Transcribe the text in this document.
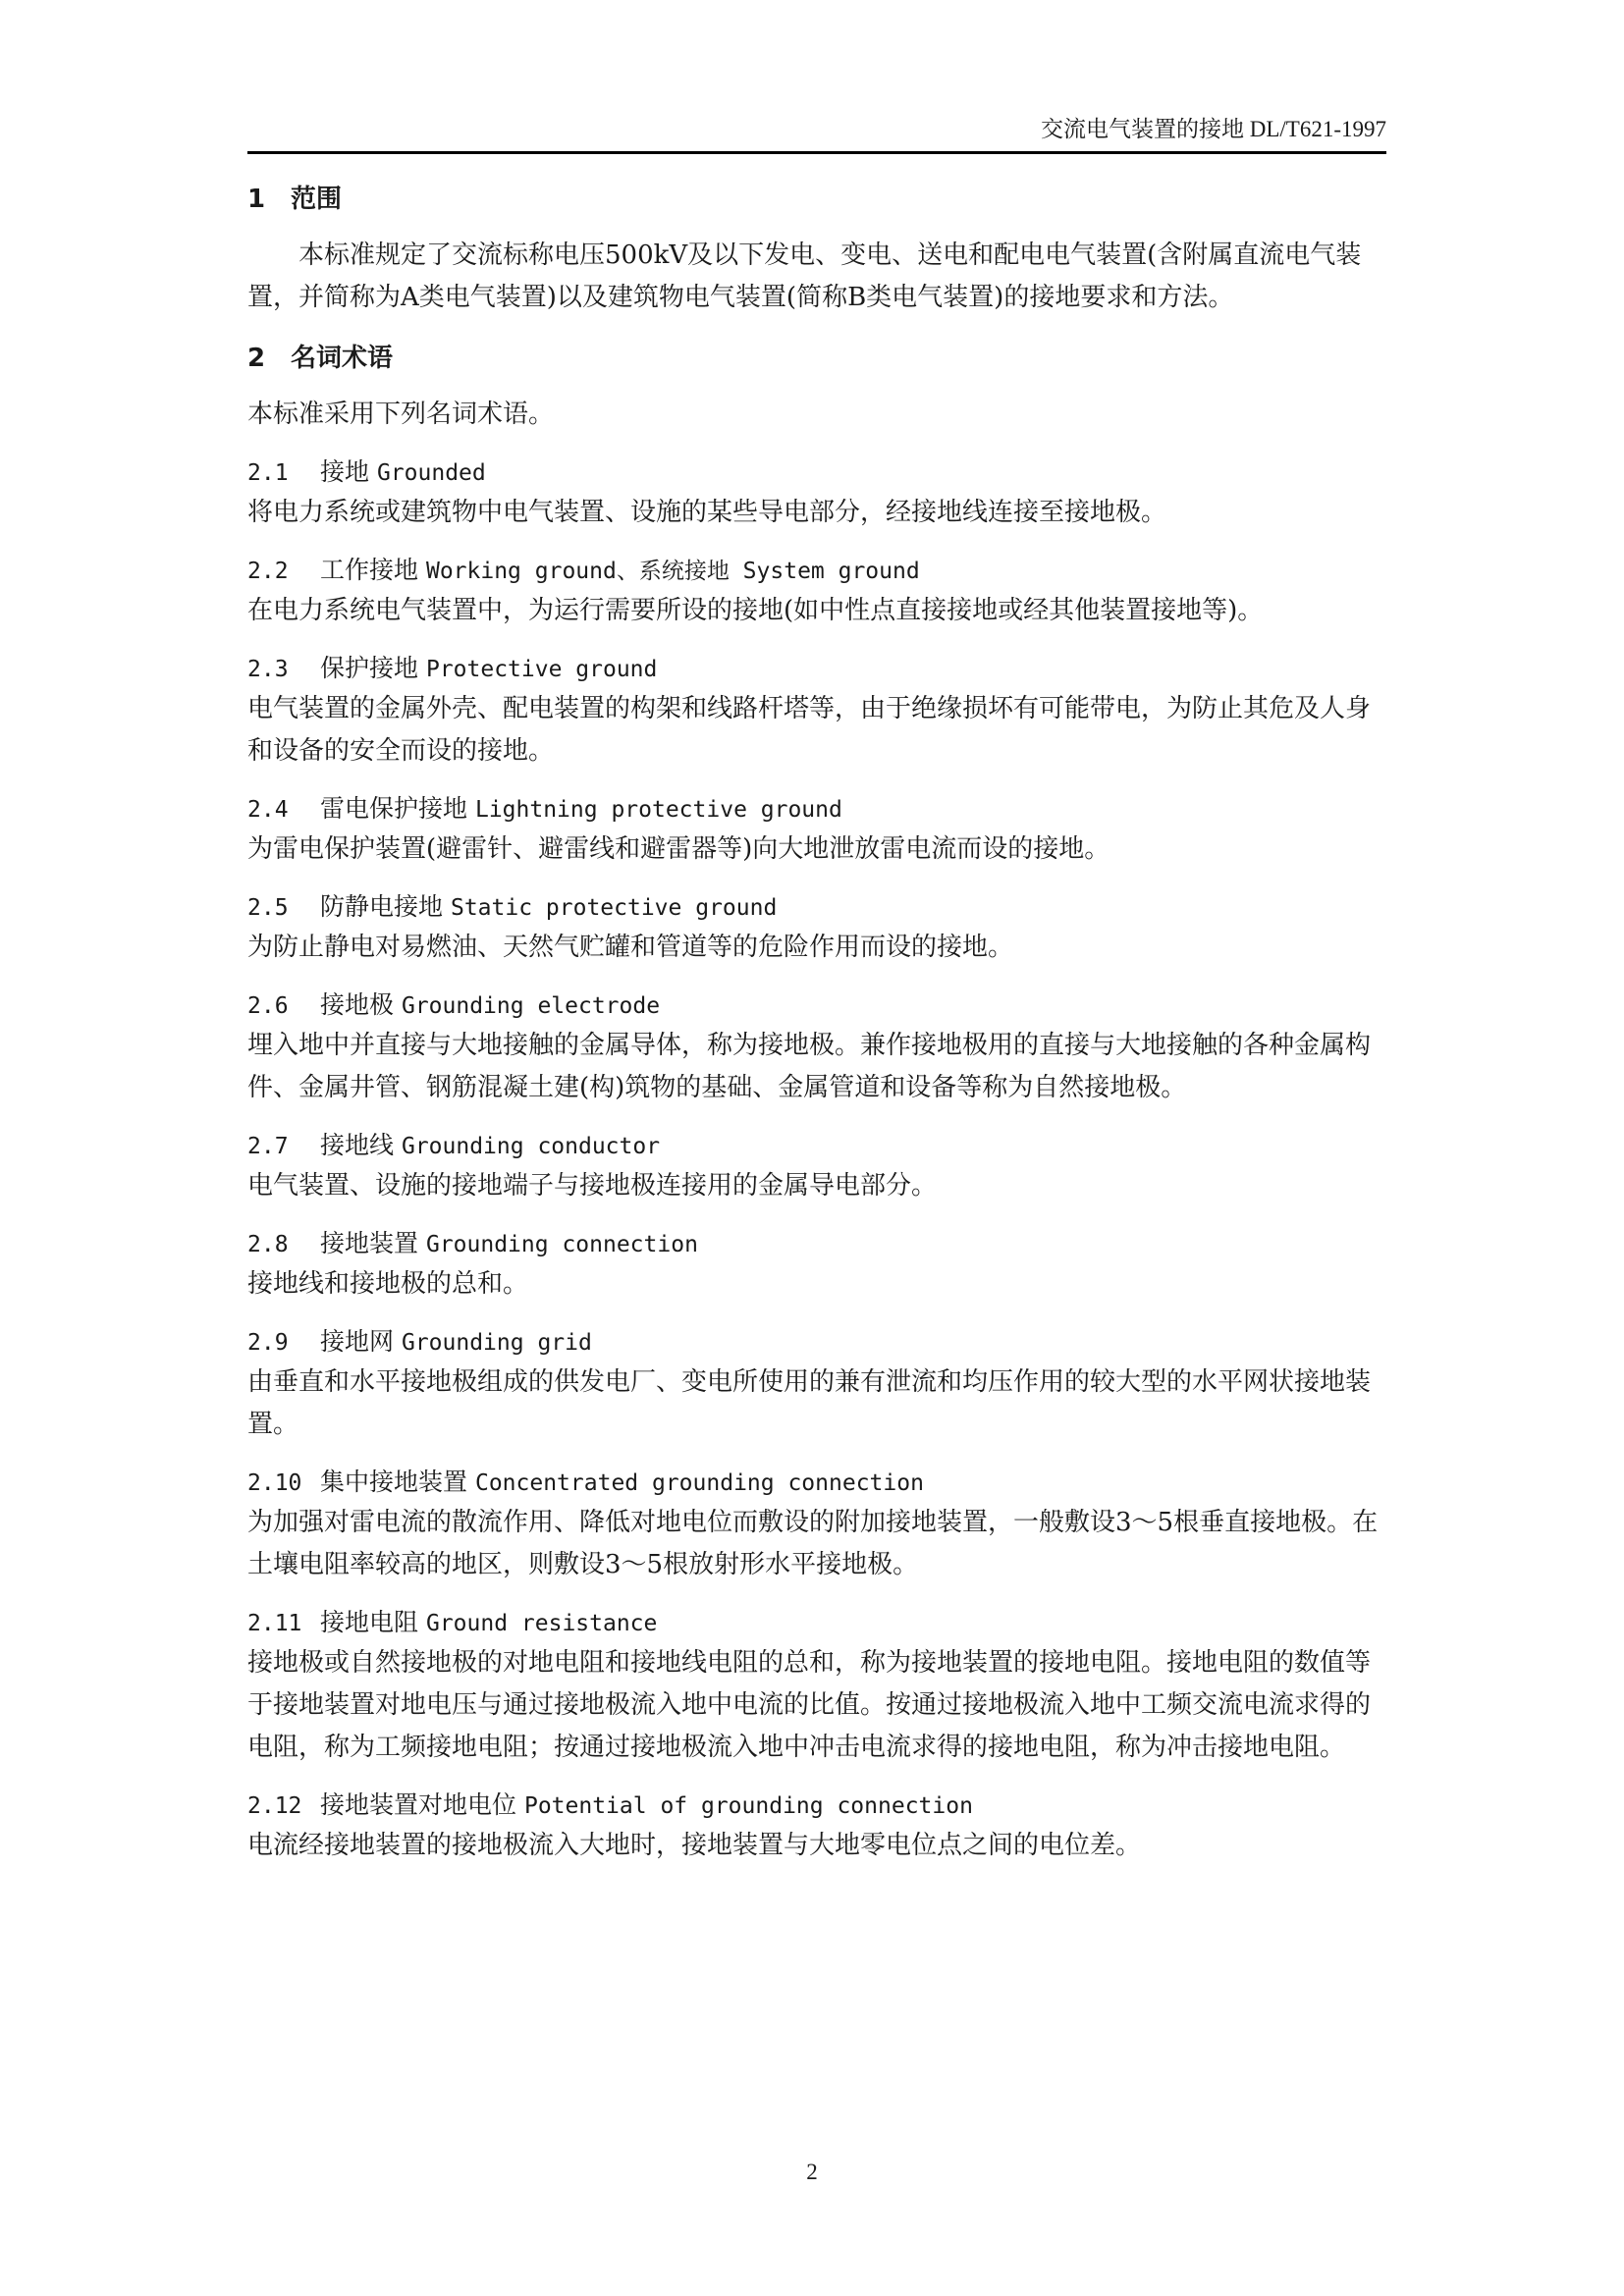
交流电气装置的接地 DL/T621-1997
1 范围

本标准规定了交流标称电压500kV及以下发电、变电、送电和配电电气装置(含附属直流电气装置，并简称为A类电气装置)以及建筑物电气装置(简称B类电气装置)的接地要求和方法。

2 名词术语

本标准采用下列名词术语。

2.1 接地 Grounded

将电力系统或建筑物中电气装置、设施的某些导电部分，经接地线连接至接地极。

2.2 工作接地 Working ground、系统接地 System ground

在电力系统电气装置中，为运行需要所设的接地(如中性点直接接地或经其他装置接地等)。

2.3 保护接地 Protective ground

电气装置的金属外壳、配电装置的构架和线路杆塔等，由于绝缘损坏有可能带电，为防止其危及人身和设备的安全而设的接地。

2.4 雷电保护接地 Lightning protective ground

为雷电保护装置(避雷针、避雷线和避雷器等)向大地泄放雷电流而设的接地。

2.5 防静电接地 Static protective ground

为防止静电对易燃油、天然气贮罐和管道等的危险作用而设的接地。

2.6 接地极 Grounding electrode

埋入地中并直接与大地接触的金属导体，称为接地极。兼作接地极用的直接与大地接触的各种金属构件、金属井管、钢筋混凝土建(构)筑物的基础、金属管道和设备等称为自然接地极。

2.7 接地线 Grounding conductor

电气装置、设施的接地端子与接地极连接用的金属导电部分。

2.8 接地装置 Grounding connection

接地线和接地极的总和。

2.9 接地网 Grounding grid

由垂直和水平接地极组成的供发电厂、变电所使用的兼有泄流和均压作用的较大型的水平网状接地装置。

2.10 集中接地装置 Concentrated grounding connection

为加强对雷电流的散流作用、降低对地电位而敷设的附加接地装置，一般敷设3～5根垂直接地极。在土壤电阻率较高的地区，则敷设3～5根放射形水平接地极。

2.11 接地电阻 Ground resistance

接地极或自然接地极的对地电阻和接地线电阻的总和，称为接地装置的接地电阻。接地电阻的数值等于接地装置对地电压与通过接地极流入地中电流的比值。按通过接地极流入地中工频交流电流求得的电阻，称为工频接地电阻；按通过接地极流入地中冲击电流求得的接地电阻，称为冲击接地电阻。

2.12 接地装置对地电位 Potential of grounding connection

电流经接地装置的接地极流入大地时，接地装置与大地零电位点之间的电位差。

2
